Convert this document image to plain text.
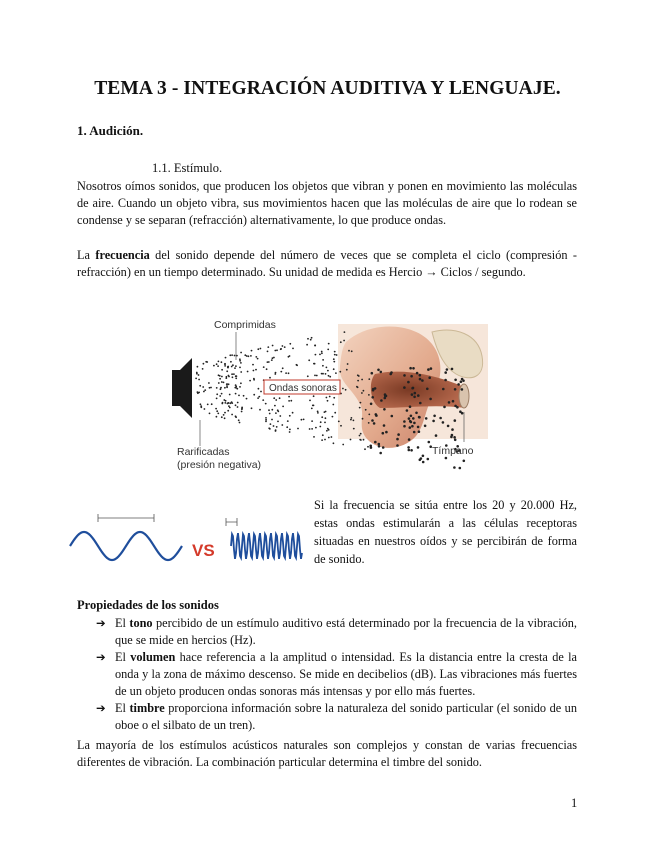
TEMA 3 - INTEGRACIÓN AUDITIVA Y LENGUAJE.

1. Audición.

1.1. Estímulo.

Nosotros oímos sonidos, que producen los objetos que vibran y ponen en movimiento las moléculas de aire. Cuando un objeto vibra, sus movimientos hacen que las moléculas de aire que lo rodean se condense y se separan (refracción) alternativamente, lo que produce ondas.

La frecuencia del sonido depende del número de veces que se completa el ciclo (compresión - refracción) en un tiempo determinado. Su unidad de medida es Hercio → Ciclos / segundo.

Comprimidas
Ondas sonoras
Rarificadas
(presión negativa)
Tímpano
VS

Si la frecuencia se sitúa entre los 20 y 20.000 Hz, estas ondas estimularán a las células receptoras situadas en nuestros oídos y se percibirán de forma de sonido.

Propiedades de los sonidos

➔ El tono percibido de un estímulo auditivo está determinado por la frecuencia de la vibración, que se mide en hercios (Hz).
➔ El volumen hace referencia a la amplitud o intensidad. Es la distancia entre la cresta de la onda y la zona de máximo descenso. Se mide en decibelios (dB). Las vibraciones más fuertes de un objeto producen ondas sonoras más intensas y por ello más fuertes.
➔ El timbre proporciona información sobre la naturaleza del sonido particular (el sonido de un oboe o el silbato de un tren).

La mayoría de los estímulos acústicos naturales son complejos y constan de varias frecuencias diferentes de vibración. La combinación particular determina el timbre del sonido.

1
